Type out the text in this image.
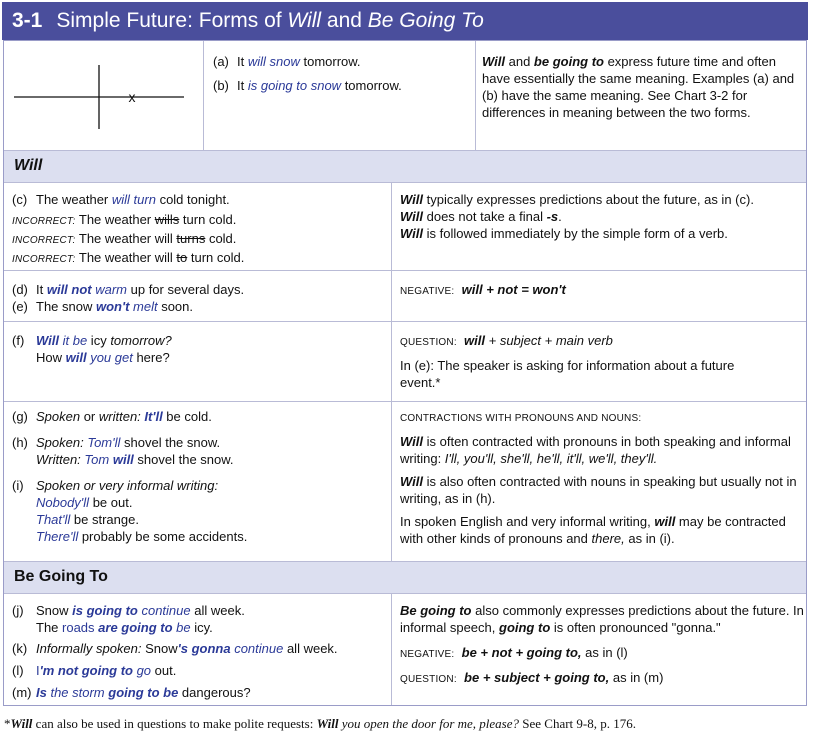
3-1 Simple Future: Forms of Will and Be Going To
x
(a) It will snow tomorrow.
(b) It is going to snow tomorrow.
Will and be going to express future time and often have essentially the same meaning. Examples (a) and (b) have the same meaning. See Chart 3-2 for differences in meaning between the two forms.
Will
(c) The weather will turn cold tonight.
INCORRECT: The weather wills turn cold.
INCORRECT: The weather will turns cold.
INCORRECT: The weather will to turn cold.
Will typically expresses predictions about the future, as in (c).
Will does not take a final -s.
Will is followed immediately by the simple form of a verb.
(d) It will not warm up for several days.
(e) The snow won't melt soon.
NEGATIVE: will + not = won't
(f) Will it be icy tomorrow?
How will you get here?
QUESTION: will + subject + main verb
In (e): The speaker is asking for information about a future event.*
(g) Spoken or written: It'll be cold.
(h) Spoken: Tom'll shovel the snow.
Written: Tom will shovel the snow.
(i) Spoken or very informal writing:
Nobody'll be out.
That'll be strange.
There'll probably be some accidents.
CONTRACTIONS WITH PRONOUNS AND NOUNS:
Will is often contracted with pronouns in both speaking and informal writing: I'll, you'll, she'll, he'll, it'll, we'll, they'll.
Will is also often contracted with nouns in speaking but usually not in writing, as in (h).
In spoken English and very informal writing, will may be contracted with other kinds of pronouns and there, as in (i).
Be Going To
(j) Snow is going to continue all week.
The roads are going to be icy.
(k) Informally spoken: Snow's gonna continue all week.
(l) I'm not going to go out.
(m) Is the storm going to be dangerous?
Be going to also commonly expresses predictions about the future. In informal speech, going to is often pronounced "gonna."
NEGATIVE: be + not + going to, as in (l)
QUESTION: be + subject + going to, as in (m)
*Will can also be used in questions to make polite requests: Will you open the door for me, please? See Chart 9-8, p. 176.
